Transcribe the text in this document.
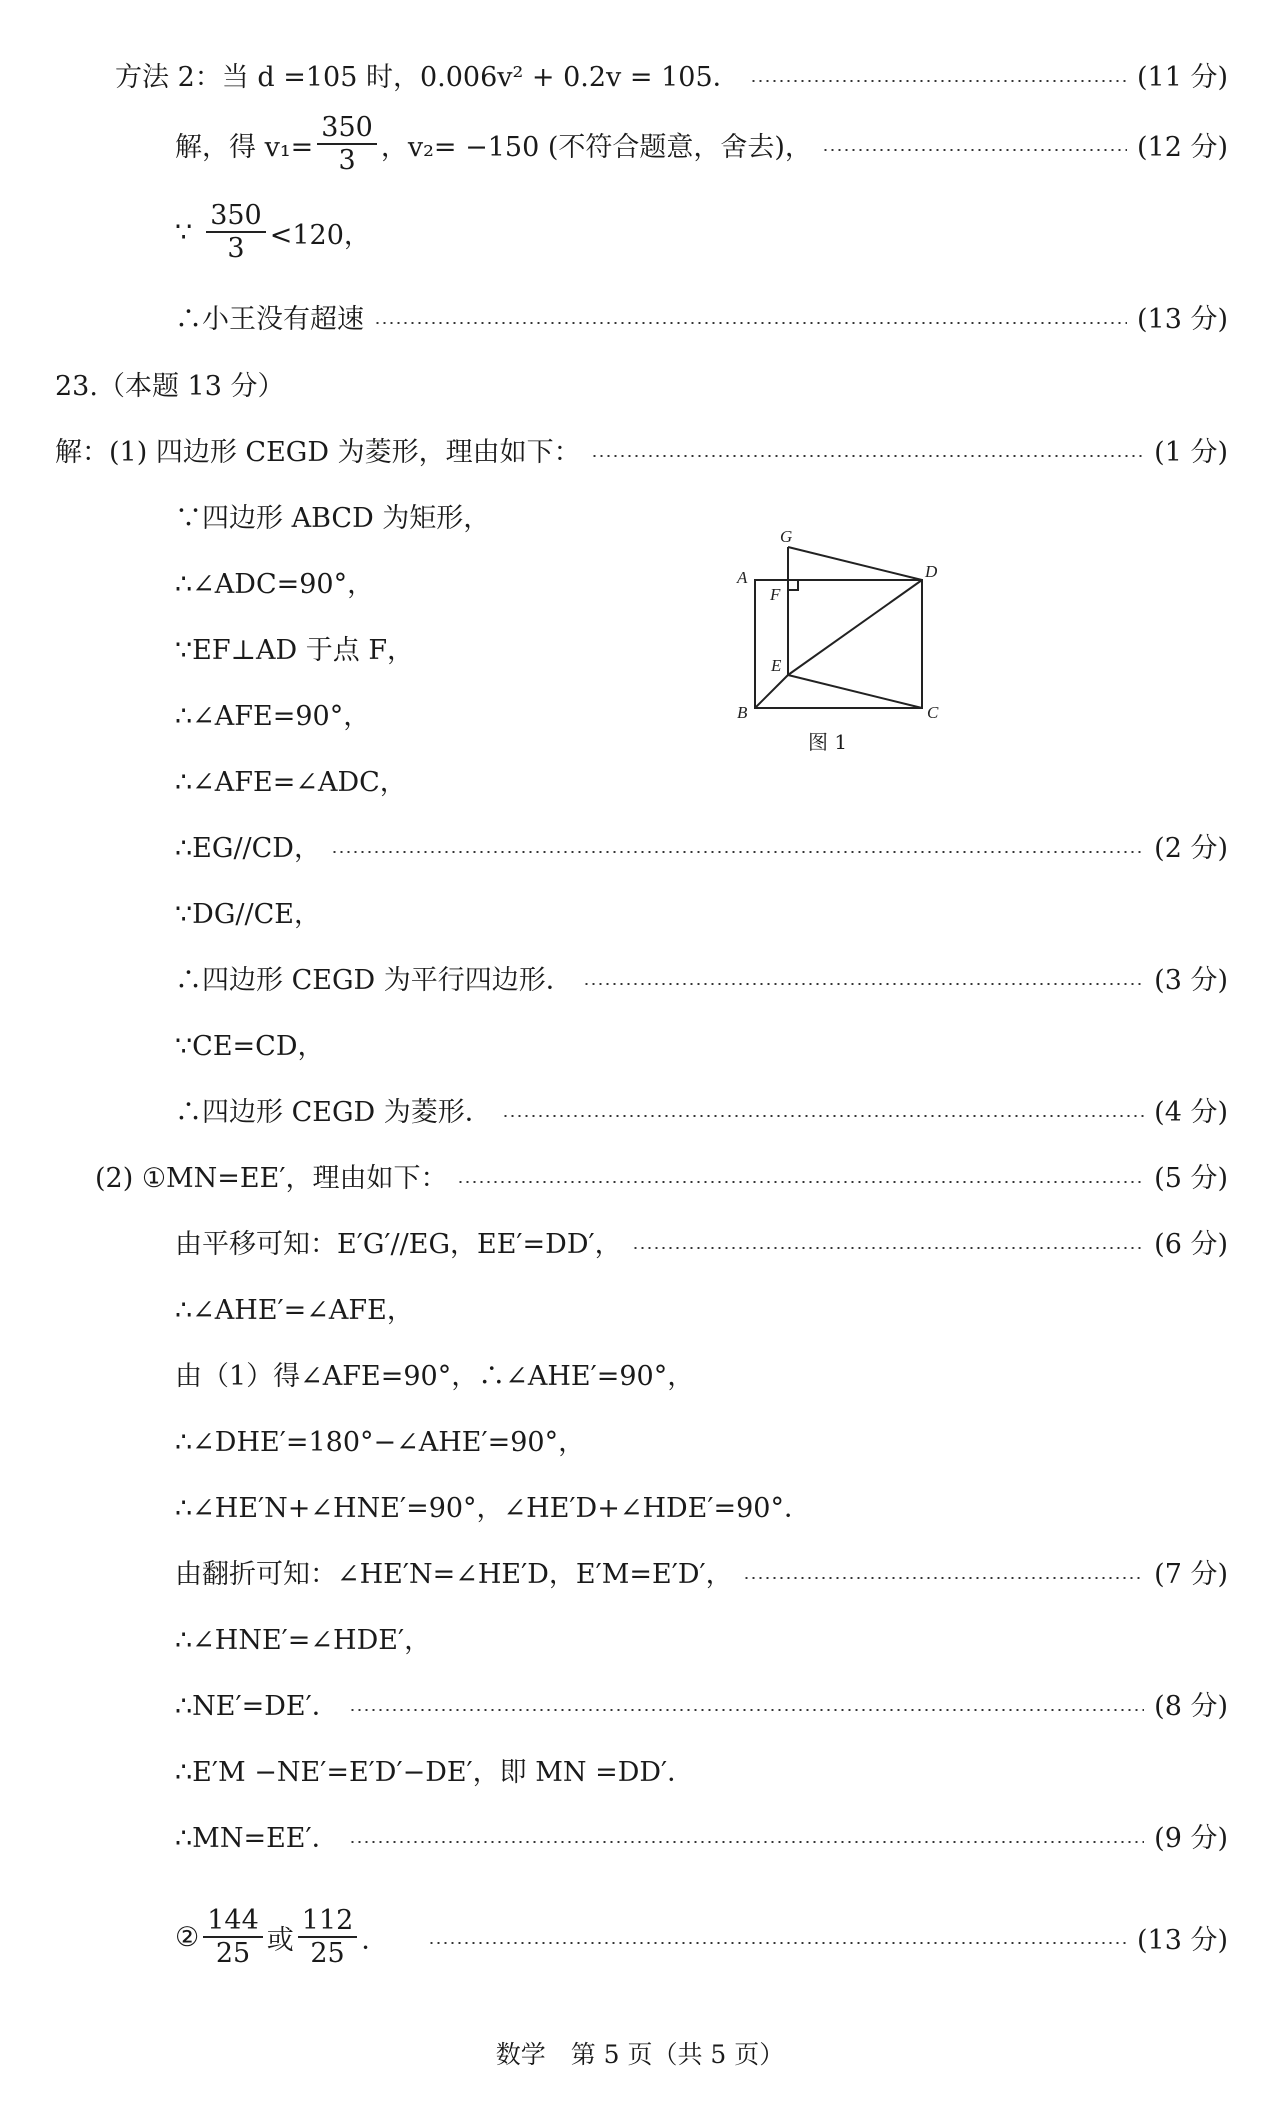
方法 2：当 d =105 时，0.006v² + 0.2v = 105．	(11 分)
解，得 $v_1= \frac{350}{3}$ ，v₂= −150 (不符合题意，舍去)，	(12 分)
∵ $\frac{350}{3} <120$，
∴小王没有超速	(13 分)
23.（本题 13 分）
解：(1) 四边形 CEGD 为菱形，理由如下：	(1 分)
∵四边形 ABCD 为矩形，
∴∠ADC=90°，
∵EF⊥AD 于点 F，
∴∠AFE=90°，
∴∠AFE=∠ADC，
∴EG//CD，	(2 分)
∵DG//CE，
∴四边形 CEGD 为平行四边形．	(3 分)
∵CE=CD，
∴四边形 CEGD 为菱形．	(4 分)
(2) ①MN=EE′，理由如下：	(5 分)
由平移可知：E′G′//EG，EE′=DD′，	(6 分)
∴∠AHE′=∠AFE，
由（1）得∠AFE=90°，∴∠AHE′=90°，
∴∠DHE′=180°−∠AHE′=90°，
∴∠HE′N+∠HNE′=90°，∠HE′D+∠HDE′=90°．
由翻折可知：∠HE′N=∠HE′D，E′M=E′D′，	(7 分)
∴∠HNE′=∠HDE′，
∴NE′=DE′．	(8 分)
∴E′M −NE′=E′D′−DE′，即 MN =DD′．
∴MN=EE′．	(9 分)
② $\frac{144}{25}$ 或 $\frac{112}{25}$ ．	(13 分)
G
A	D
F
E
B	C
图 1
数学　第 5 页（共 5 页）
